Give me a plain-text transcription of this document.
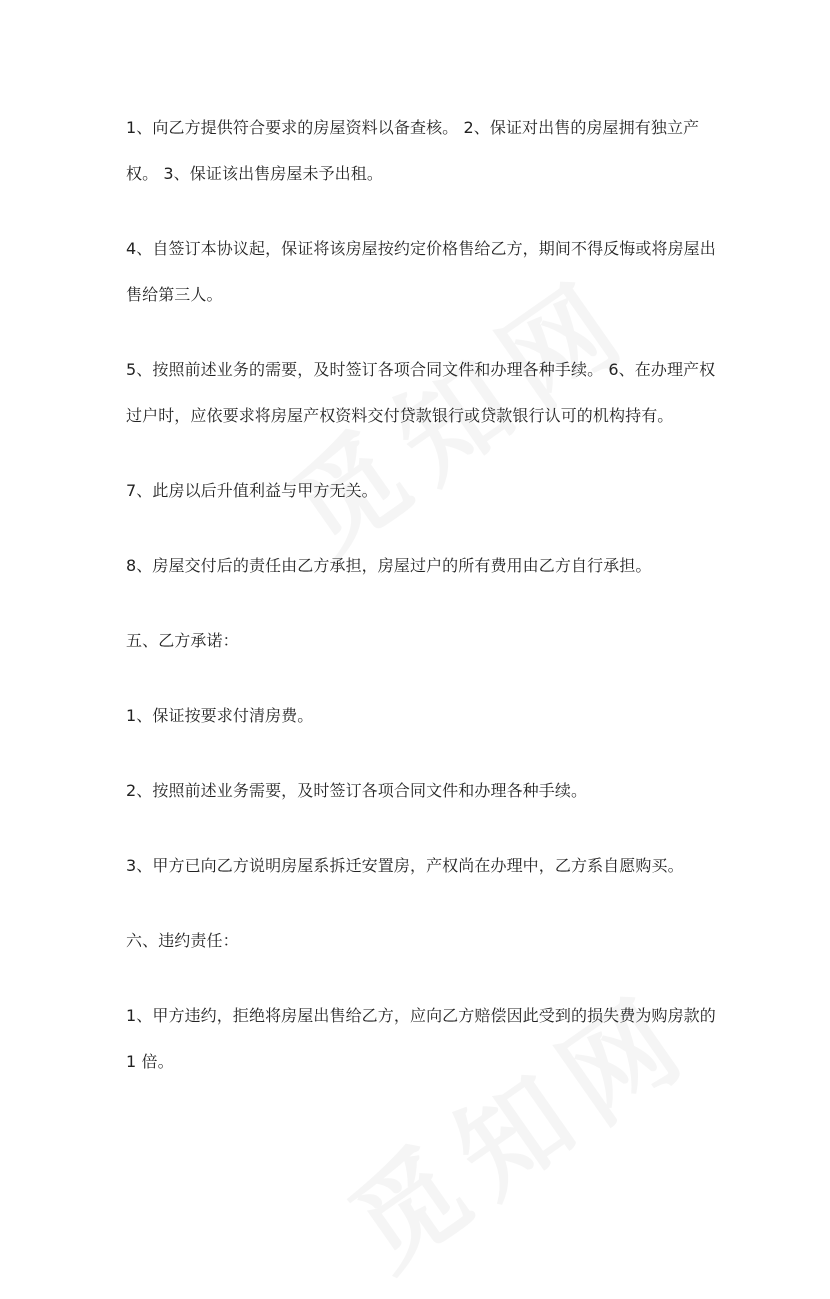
1、向乙方提供符合要求的房屋资料以备查核。 2、保证对出售的房屋拥有独立产权。 3、保证该出售房屋未予出租。

4、自签订本协议起，保证将该房屋按约定价格售给乙方，期间不得反悔或将房屋出售给第三人。

5、按照前述业务的需要，及时签订各项合同文件和办理各种手续。 6、在办理产权过户时，应依要求将房屋产权资料交付贷款银行或贷款银行认可的机构持有。

7、此房以后升值利益与甲方无关。

8、房屋交付后的责任由乙方承担，房屋过户的所有费用由乙方自行承担。

五、乙方承诺：

1、保证按要求付清房费。

2、按照前述业务需要，及时签订各项合同文件和办理各种手续。

3、甲方已向乙方说明房屋系拆迁安置房，产权尚在办理中，乙方系自愿购买。

六、违约责任：

1、甲方违约，拒绝将房屋出售给乙方，应向乙方赔偿因此受到的损失费为购房款的 1 倍。
